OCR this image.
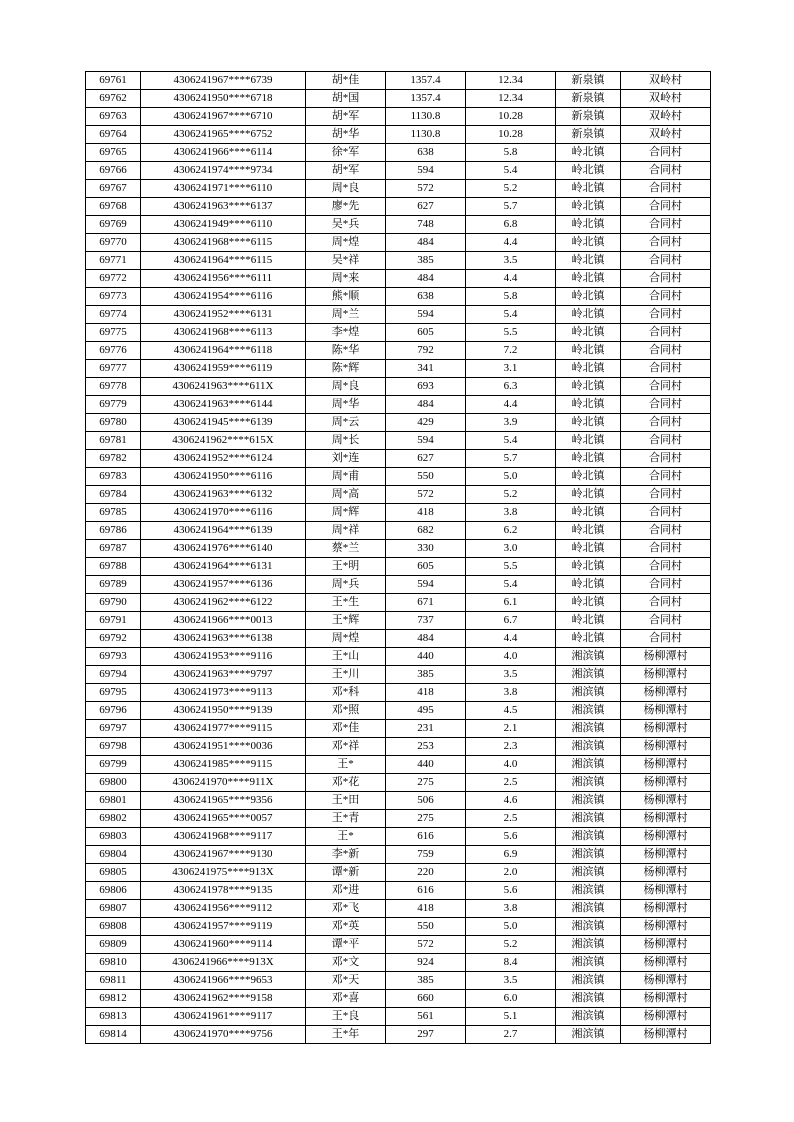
69761	4306241967****6739	胡*佳	1357.4	12.34	新泉镇	双岭村
69762	4306241950****6718	胡*国	1357.4	12.34	新泉镇	双岭村
69763	4306241967****6710	胡*军	1130.8	10.28	新泉镇	双岭村
69764	4306241965****6752	胡*华	1130.8	10.28	新泉镇	双岭村
69765	4306241966****6114	徐*军	638	5.8	岭北镇	合同村
69766	4306241974****9734	胡*军	594	5.4	岭北镇	合同村
69767	4306241971****6110	周*良	572	5.2	岭北镇	合同村
69768	4306241963****6137	廖*先	627	5.7	岭北镇	合同村
69769	4306241949****6110	吴*兵	748	6.8	岭北镇	合同村
69770	4306241968****6115	周*煌	484	4.4	岭北镇	合同村
69771	4306241964****6115	吴*祥	385	3.5	岭北镇	合同村
69772	4306241956****6111	周*来	484	4.4	岭北镇	合同村
69773	4306241954****6116	熊*顺	638	5.8	岭北镇	合同村
69774	4306241952****6131	周*兰	594	5.4	岭北镇	合同村
69775	4306241968****6113	李*煌	605	5.5	岭北镇	合同村
69776	4306241964****6118	陈*华	792	7.2	岭北镇	合同村
69777	4306241959****6119	陈*辉	341	3.1	岭北镇	合同村
69778	4306241963****611X	周*良	693	6.3	岭北镇	合同村
69779	4306241963****6144	周*华	484	4.4	岭北镇	合同村
69780	4306241945****6139	周*云	429	3.9	岭北镇	合同村
69781	4306241962****615X	周*长	594	5.4	岭北镇	合同村
69782	4306241952****6124	刘*连	627	5.7	岭北镇	合同村
69783	4306241950****6116	周*甫	550	5.0	岭北镇	合同村
69784	4306241963****6132	周*高	572	5.2	岭北镇	合同村
69785	4306241970****6116	周*辉	418	3.8	岭北镇	合同村
69786	4306241964****6139	周*祥	682	6.2	岭北镇	合同村
69787	4306241976****6140	蔡*兰	330	3.0	岭北镇	合同村
69788	4306241964****6131	王*明	605	5.5	岭北镇	合同村
69789	4306241957****6136	周*兵	594	5.4	岭北镇	合同村
69790	4306241962****6122	王*生	671	6.1	岭北镇	合同村
69791	4306241966****0013	王*辉	737	6.7	岭北镇	合同村
69792	4306241963****6138	周*煌	484	4.4	岭北镇	合同村
69793	4306241953****9116	王*山	440	4.0	湘滨镇	杨柳潭村
69794	4306241963****9797	王*川	385	3.5	湘滨镇	杨柳潭村
69795	4306241973****9113	邓*科	418	3.8	湘滨镇	杨柳潭村
69796	4306241950****9139	邓*照	495	4.5	湘滨镇	杨柳潭村
69797	4306241977****9115	邓*佳	231	2.1	湘滨镇	杨柳潭村
69798	4306241951****0036	邓*祥	253	2.3	湘滨镇	杨柳潭村
69799	4306241985****9115	王*	440	4.0	湘滨镇	杨柳潭村
69800	4306241970****911X	邓*花	275	2.5	湘滨镇	杨柳潭村
69801	4306241965****9356	王*田	506	4.6	湘滨镇	杨柳潭村
69802	4306241965****0057	王*青	275	2.5	湘滨镇	杨柳潭村
69803	4306241968****9117	王*	616	5.6	湘滨镇	杨柳潭村
69804	4306241967****9130	李*新	759	6.9	湘滨镇	杨柳潭村
69805	4306241975****913X	谭*新	220	2.0	湘滨镇	杨柳潭村
69806	4306241978****9135	邓*进	616	5.6	湘滨镇	杨柳潭村
69807	4306241956****9112	邓*飞	418	3.8	湘滨镇	杨柳潭村
69808	4306241957****9119	邓*英	550	5.0	湘滨镇	杨柳潭村
69809	4306241960****9114	谭*平	572	5.2	湘滨镇	杨柳潭村
69810	4306241966****913X	邓*文	924	8.4	湘滨镇	杨柳潭村
69811	4306241966****9653	邓*天	385	3.5	湘滨镇	杨柳潭村
69812	4306241962****9158	邓*喜	660	6.0	湘滨镇	杨柳潭村
69813	4306241961****9117	王*良	561	5.1	湘滨镇	杨柳潭村
69814	4306241970****9756	王*年	297	2.7	湘滨镇	杨柳潭村
